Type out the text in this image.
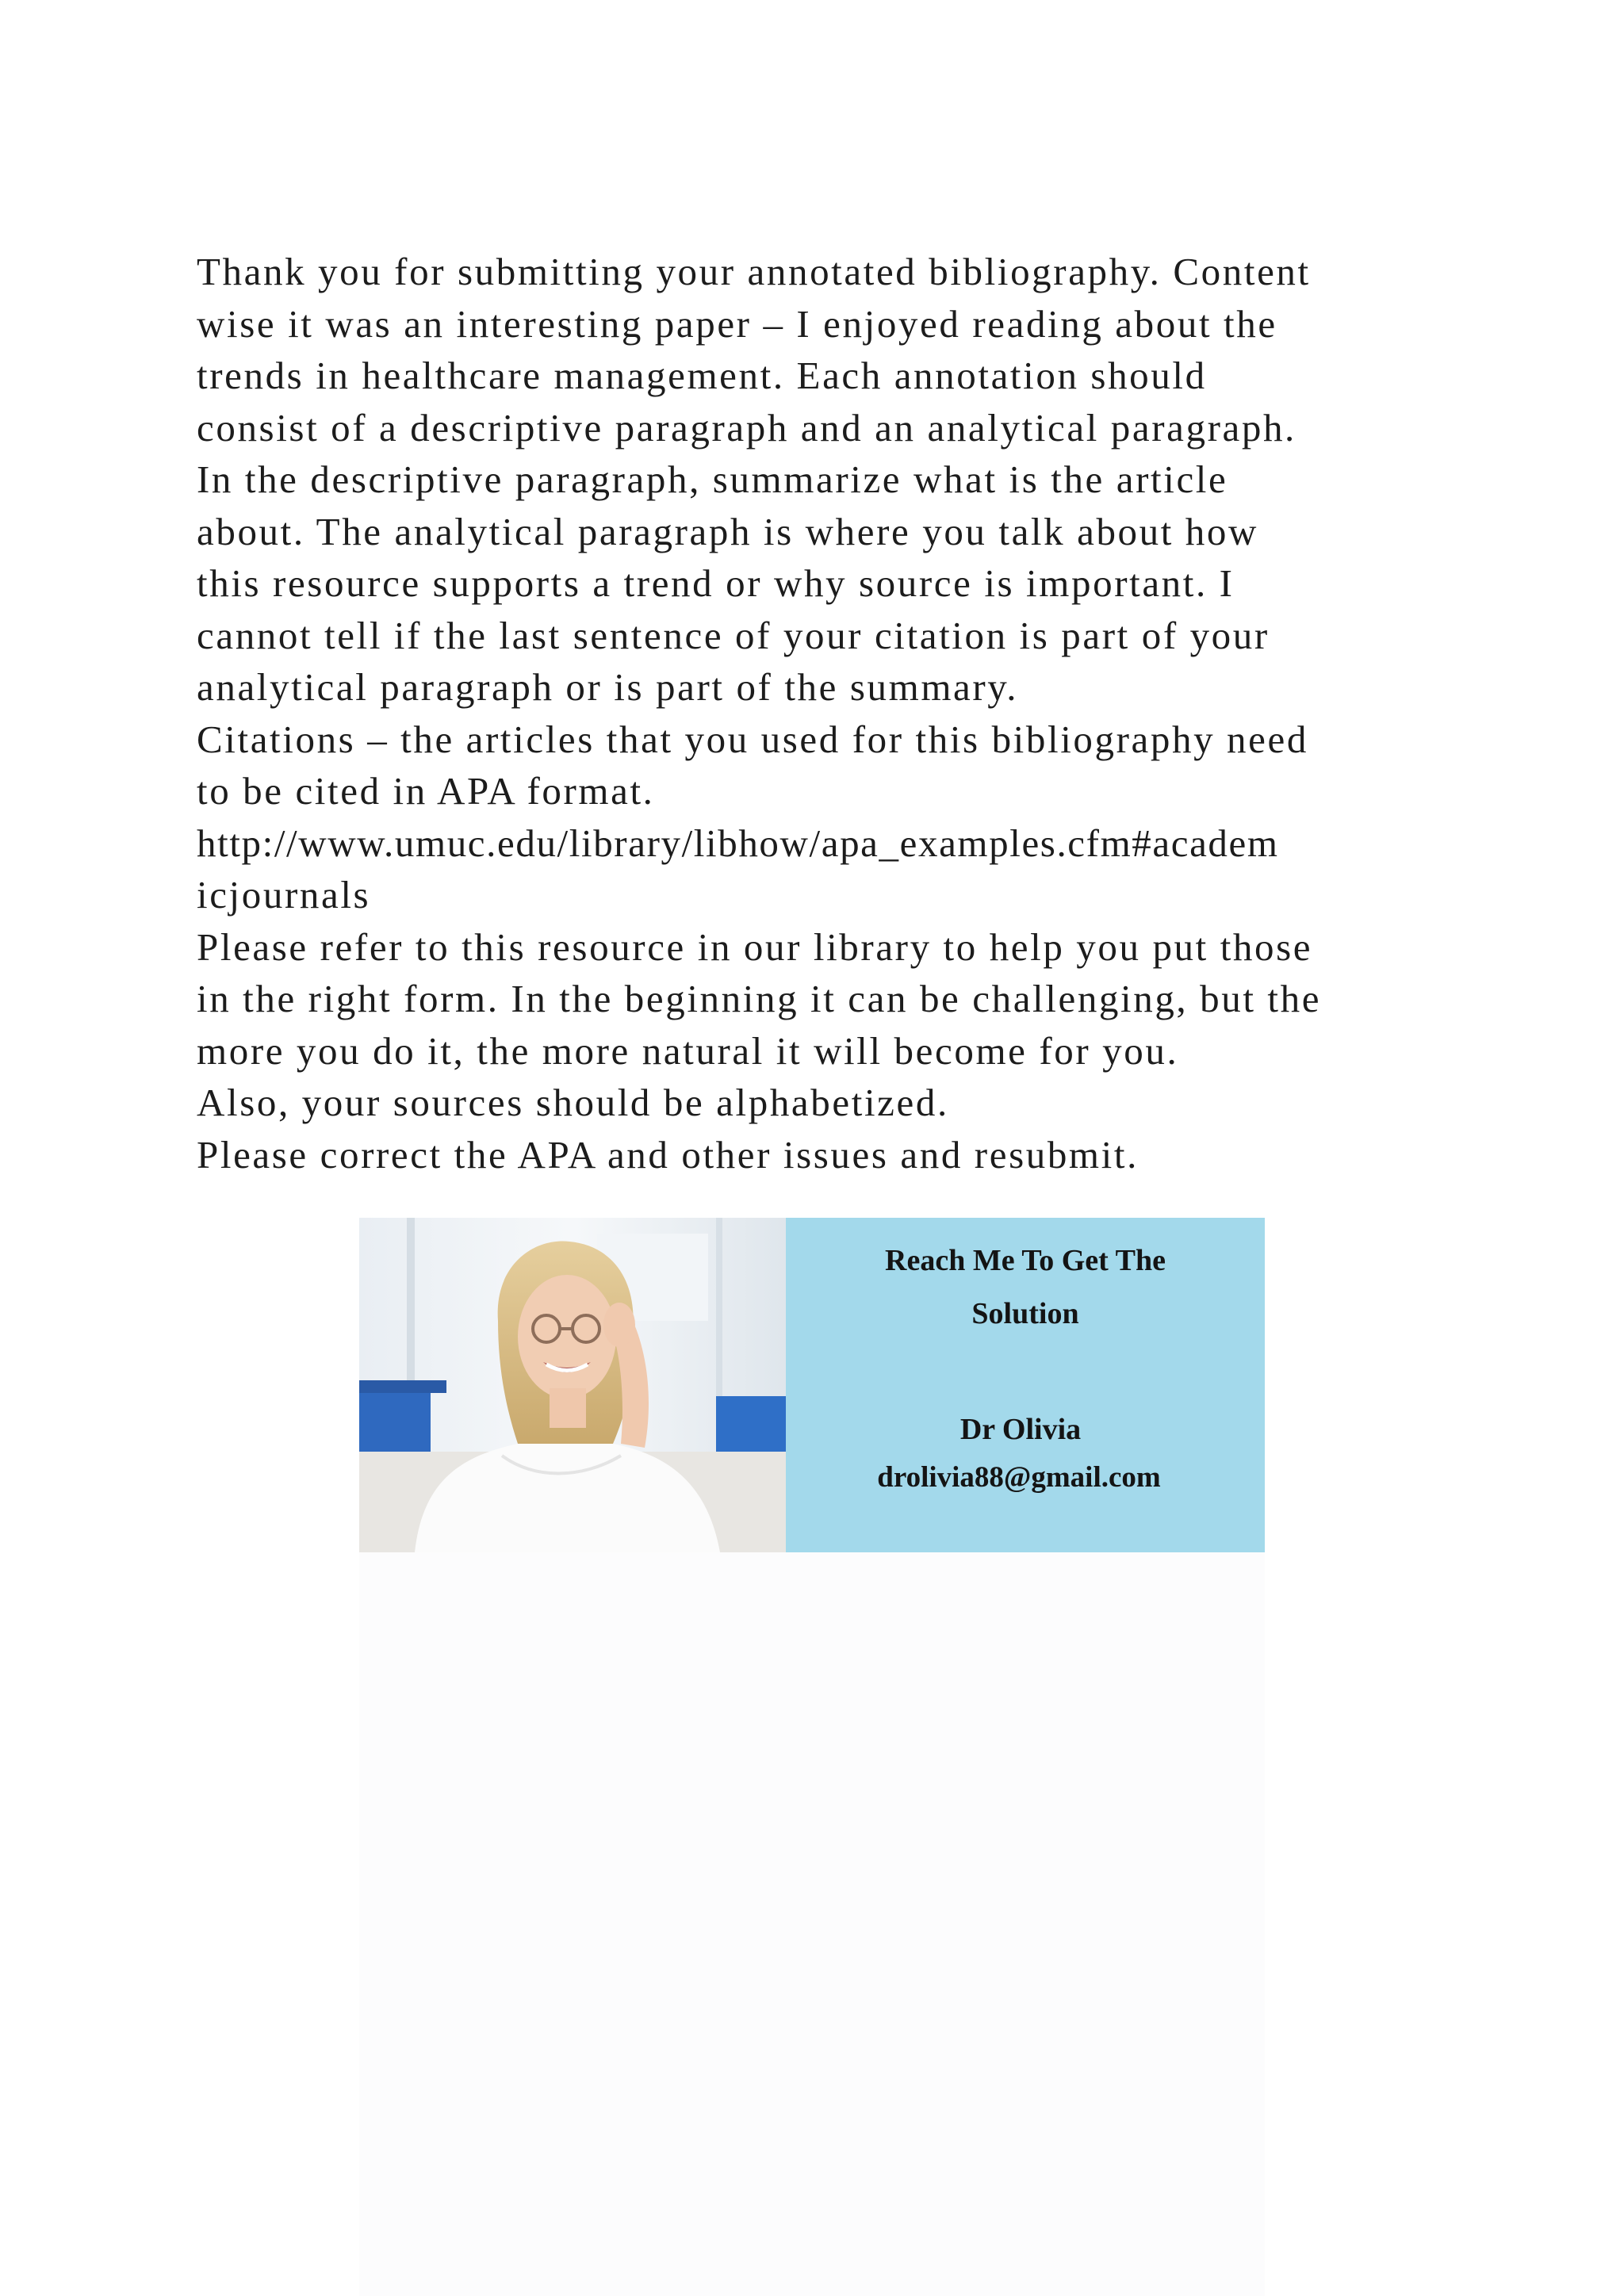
Thank you for submitting your annotated bibliography. Content
wise it was an interesting paper – I enjoyed reading about the
trends in healthcare management. Each annotation should
consist of a descriptive paragraph and an analytical paragraph.
In the descriptive paragraph, summarize what is the article
about. The analytical paragraph is where you talk about how
this resource supports a trend or why source is important. I
cannot tell if the last sentence of your citation is part of your
analytical paragraph or is part of the summary.
Citations – the articles that you used for this bibliography need
to be cited in APA format.
http://www.umuc.edu/library/libhow/apa_examples.cfm#academ
icjournals
Please refer to this resource in our library to help you put those
in the right form. In the beginning it can be challenging, but the
more you do it, the more natural it will become for you.
Also, your sources should be alphabetized.
Please correct the APA and other issues and resubmit.
Reach Me To Get The
Solution
Dr Olivia
drolivia88@gmail.com
